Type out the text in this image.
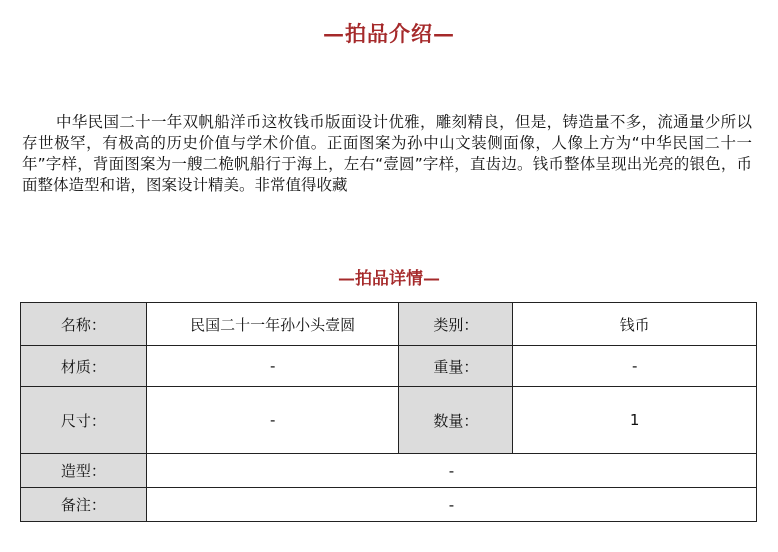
—拍品介绍—
中华民国二十一年双帆船洋币这枚钱币版面设计优雅，雕刻精良，但是，铸造量不多，流通量少所以存世极罕，有极高的历史价值与学术价值。正面图案为孙中山文装侧面像，人像上方为“中华民国二十一年”字样，背面图案为一艘二桅帆船行于海上，左右“壹圆”字样，直齿边。钱币整体呈现出光亮的银色，币面整体造型和谐，图案设计精美。非常值得收藏
—拍品详情—
名称：	民国二十一年孙小头壹圆	类别：	钱币
材质：	-	重量：	-
尺寸：	-	数量：	1
造型：	-		
备注：	-		
